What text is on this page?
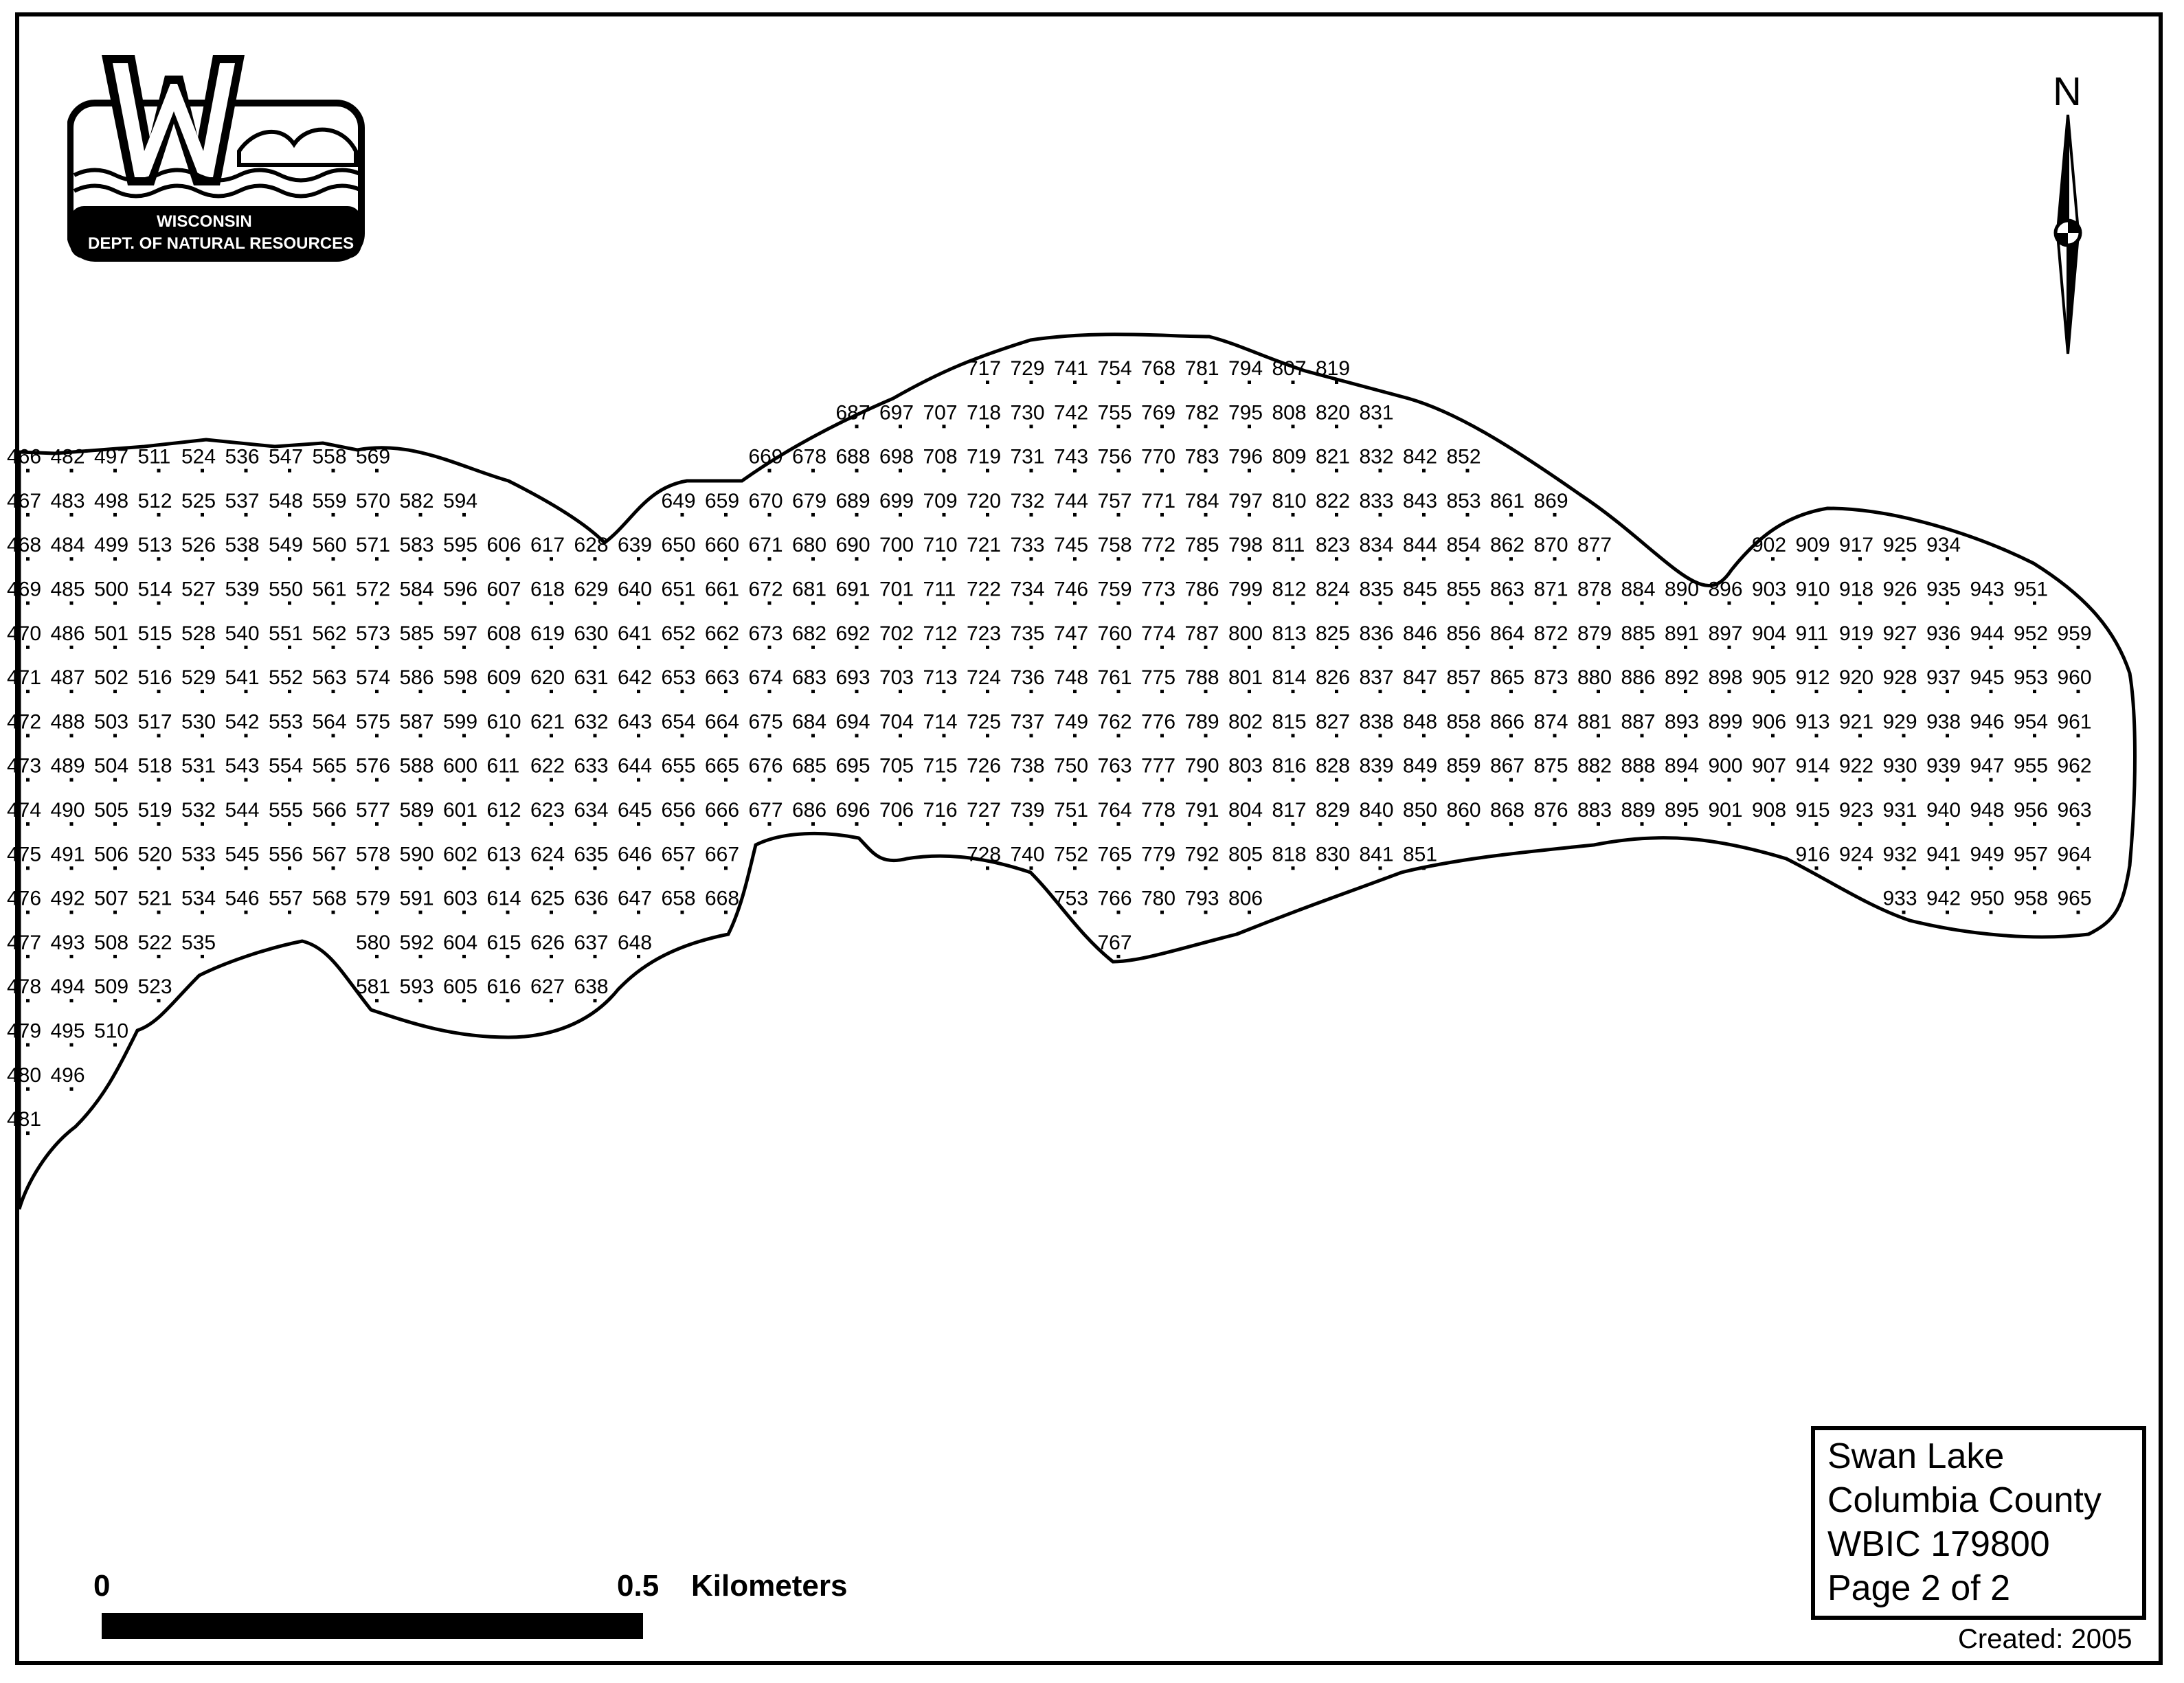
717 729 741 754 768 781 794 807 819
687 697 707 718 730 742 755 769 782 795 808 820 831
466 482 497 511 524 536 547 558 569	669 678 688 698 708 719 731 743 756 770 783 796 809 821 832 842 852
467 483 498 512 525 537 548 559 570 582 594	649 659 670 679 689 699 709 720 732 744 757 771 784 797 810 822 833 843 853 861 869
468 484 499 513 526 538 549 560 571 583 595 606 617 628 639 650 660 671 680 690 700 710 721 733 745 758 772 785 798 811 823 834 844 854 862 870 877	902 909 917 925 934
469 485 500 514 527 539 550 561 572 584 596 607 618 629 640 651 661 672 681 691 701 711 722 734 746 759 773 786 799 812 824 835 845 855 863 871 878 884 890 896 903 910 918 926 935 943 951
470 486 501 515 528 540 551 562 573 585 597 608 619 630 641 652 662 673 682 692 702 712 723 735 747 760 774 787 800 813 825 836 846 856 864 872 879 885 891 897 904 911 919 927 936 944 952 959
471 487 502 516 529 541 552 563 574 586 598 609 620 631 642 653 663 674 683 693 703 713 724 736 748 761 775 788 801 814 826 837 847 857 865 873 880 886 892 898 905 912 920 928 937 945 953 960
472 488 503 517 530 542 553 564 575 587 599 610 621 632 643 654 664 675 684 694 704 714 725 737 749 762 776 789 802 815 827 838 848 858 866 874 881 887 893 899 906 913 921 929 938 946 954 961
473 489 504 518 531 543 554 565 576 588 600 611 622 633 644 655 665 676 685 695 705 715 726 738 750 763 777 790 803 816 828 839 849 859 867 875 882 888 894 900 907 914 922 930 939 947 955 962
474 490 505 519 532 544 555 566 577 589 601 612 623 634 645 656 666 677 686 696 706 716 727 739 751 764 778 791 804 817 829 840 850 860 868 876 883 889 895 901 908 915 923 931 940 948 956 963
475 491 506 520 533 545 556 567 578 590 602 613 624 635 646 657 667	728 740 752 765 779 792 805 818 830 841 851	916 924 932 941 949 957 964
476 492 507 521 534 546 557 568 579 591 603 614 625 636 647 658 668	753 766 780 793 806	933 942 950 958 965
477 493 508 522 535	580 592 604 615 626 637 648	767
478 494 509 523	581 593 605 616 627 638
479 495 510
480 496
481
WISCONSIN
DEPT. OF NATURAL RESOURCES
N
0	0.5 Kilometers
Swan Lake
Columbia County
WBIC 179800
Page 2 of 2
Created: 2005
